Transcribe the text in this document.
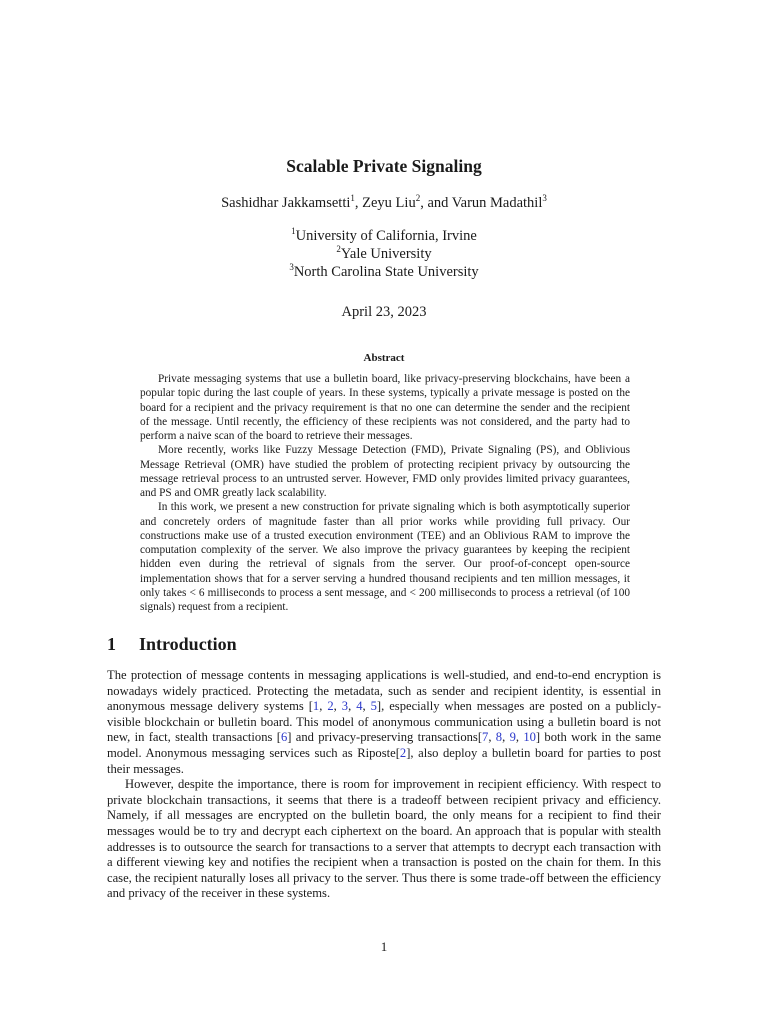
Scalable Private Signaling
Sashidhar Jakkamsetti$^1$, Zeyu Liu$^2$, and Varun Madathil$^3$
$^1$University of California, Irvine
$^2$Yale University
$^3$North Carolina State University
April 23, 2023
Abstract

Private messaging systems that use a bulletin board, like privacy-preserving blockchains, have been a popular topic during the last couple of years. In these systems, typically a private message is posted on the board for a recipient and the privacy requirement is that no one can determine the sender and the recipient of the message. Until recently, the efficiency of these recipients was not considered, and the party had to perform a naive scan of the board to retrieve their messages.

More recently, works like Fuzzy Message Detection (FMD), Private Signaling (PS), and Oblivious Message Retrieval (OMR) have studied the problem of protecting recipient privacy by outsourcing the message retrieval process to an untrusted server. However, FMD only provides limited privacy guarantees, and PS and OMR greatly lack scalability.

In this work, we present a new construction for private signaling which is both asymptotically superior and concretely orders of magnitude faster than all prior works while providing full privacy. Our constructions make use of a trusted execution environment (TEE) and an Oblivious RAM to improve the computation complexity of the server. We also improve the privacy guarantees by keeping the recipient hidden even during the retrieval of signals from the server. Our proof-of-concept open-source implementation shows that for a server serving a hundred thousand recipients and ten million messages, it only takes < 6 milliseconds to process a sent message, and < 200 milliseconds to process a retrieval (of 100 signals) request from a recipient.

1 Introduction

The protection of message contents in messaging applications is well-studied, and end-to-end encryption is nowadays widely practiced. Protecting the metadata, such as sender and recipient identity, is essential in anonymous message delivery systems [1, 2, 3, 4, 5], especially when messages are posted on a publicly-visible blockchain or bulletin board. This model of anonymous communication using a bulletin board is not new, in fact, stealth transactions [6] and privacy-preserving transactions[7, 8, 9, 10] both work in the same model. Anonymous messaging services such as Riposte[2], also deploy a bulletin board for parties to post their messages.

However, despite the importance, there is room for improvement in recipient efficiency. With respect to private blockchain transactions, it seems that there is a tradeoff between recipient privacy and efficiency. Namely, if all messages are encrypted on the bulletin board, the only means for a recipient to find their messages would be to try and decrypt each ciphertext on the board. An approach that is popular with stealth addresses is to outsource the search for transactions to a server that attempts to decrypt each transaction with a different viewing key and notifies the recipient when a transaction is posted on the chain for them. In this case, the recipient naturally loses all privacy to the server. Thus there is some trade-off between the efficiency and privacy of the receiver in these systems.

1
